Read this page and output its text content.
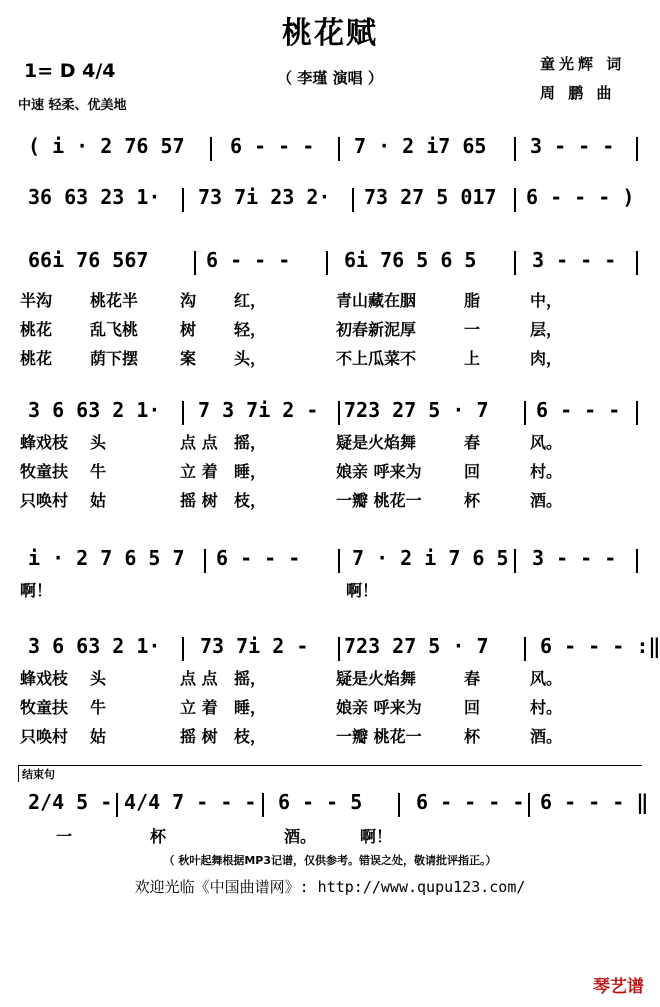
桃花赋
（ 李瑾 演唱 ）
1= D 4/4
中速 轻柔、优美地
童光辉 词
周 鹏 曲
( i · 2 76 57 6 - - - 7 · 2 i7 65 3 - - -
36 63 23 1· 73 7i 23 2· 73 27 5 017 6 - - - )
66i 76 567	6 - - -	6i 76 5 6 5	3 - - -
3 6 63 2 1· 7 3 7i 2 - 723 27 5 · 7 6 - - -
i · 2 7 6 5 7 6 - - -	7 · 2 i 7 6 5 3 - - -
3 6 63 2 1· 73 7i 2 - 723 27 5 · 7	6 - - - :‖
2/4 5 - 4/4 7 - - - 6 - - 5	6 - - - - 6 - - - ‖
半沟 桃花半	沟 红，	青山藏在胭	脂	中，
桃花 乱飞桃	树 轻，	初春新泥厚	一	层，
桃花 荫下摆	案 头，	不上瓜菜不	上	肉，
蜂戏枝 头	点 点 摇，	疑是火焰舞	春	风。
牧童扶 牛	立 着 睡，	娘亲 呼来为	回	村。
只唤村 姑	摇 树 枝，	一瓣 桃花一	杯	酒。
蜂戏枝 头	点 点 摇，	疑是火焰舞	春	风。
牧童扶 牛	立 着 睡，	娘亲 呼来为	回	村。
只唤村 姑	摇 树 枝，	一瓣 桃花一	杯	酒。
啊！	啊！
一	杯	酒。	啊！
结束句
（ 秋叶起舞根据MP3记谱，仅供参考。错误之处，敬请批评指正。）
欢迎光临《中国曲谱网》: http://www.qupu123.com/
琴艺谱
